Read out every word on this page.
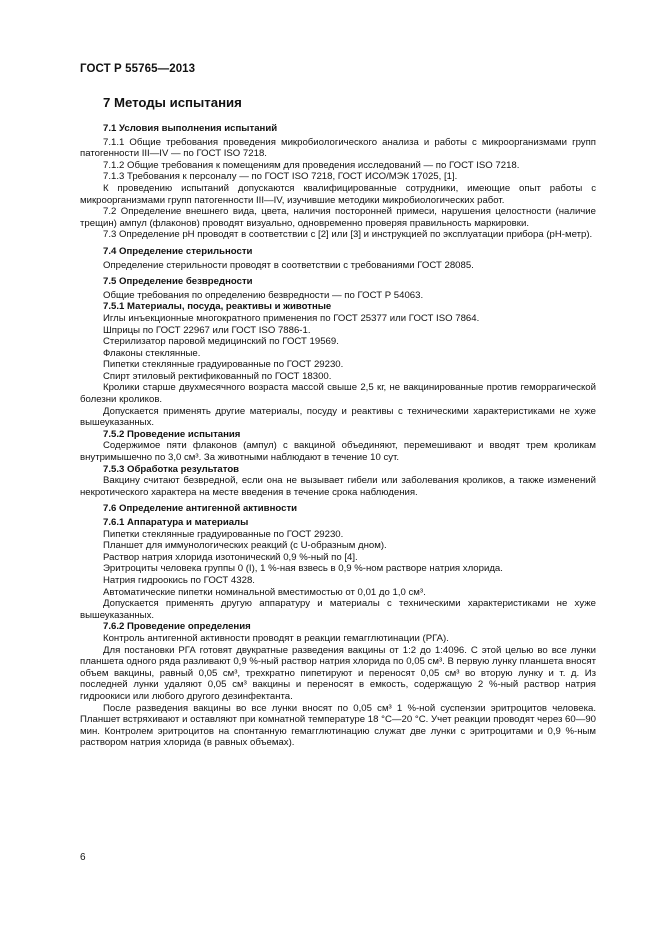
ГОСТ Р 55765—2013
7 Методы испытания
7.1 Условия выполнения испытаний

7.1.1 Общие требования проведения микробиологического анализа и работы с микроорганизмами групп патогенности III—IV — по ГОСТ ISO 7218.

7.1.2 Общие требования к помещениям для проведения исследований — по ГОСТ ISO 7218.

7.1.3 Требования к персоналу — по ГОСТ ISO 7218, ГОСТ ИСО/МЭК 17025, [1].

К проведению испытаний допускаются квалифицированные сотрудники, имеющие опыт работы с микроорганизмами групп патогенности III—IV, изучившие методики микробиологических работ.

7.2 Определение внешнего вида, цвета, наличия посторонней примеси, нарушения целостности (наличие трещин) ампул (флаконов) проводят визуально, одновременно проверяя правильность маркировки.

7.3 Определение pH проводят в соответствии с [2] или [3] и инструкцией по эксплуатации прибора (pH-метр).

7.4 Определение стерильности

Определение стерильности проводят в соответствии с требованиями ГОСТ 28085.

7.5 Определение безвредности

Общие требования по определению безвредности — по ГОСТ Р 54063.

7.5.1 Материалы, посуда, реактивы и животные

Иглы инъекционные многократного применения по ГОСТ 25377 или ГОСТ ISO 7864.

Шприцы по ГОСТ 22967 или ГОСТ ISO 7886-1.

Стерилизатор паровой медицинский по ГОСТ 19569.

Флаконы стеклянные.

Пипетки стеклянные градуированные по ГОСТ 29230.

Спирт этиловый ректификованный по ГОСТ 18300.

Кролики старше двухмесячного возраста массой свыше 2,5 кг, не вакцинированные против геморрагической болезни кроликов.

Допускается применять другие материалы, посуду и реактивы с техническими характеристиками не хуже вышеуказанных.

7.5.2 Проведение испытания

Содержимое пяти флаконов (ампул) с вакциной объединяют, перемешивают и вводят трем кроликам внутримышечно по 3,0 см³. За животными наблюдают в течение 10 сут.

7.5.3 Обработка результатов

Вакцину считают безвредной, если она не вызывает гибели или заболевания кроликов, а также изменений некротического характера на месте введения в течение срока наблюдения.

7.6 Определение антигенной активности
7.6.1 Аппаратура и материалы

Пипетки стеклянные градуированные по ГОСТ 29230.

Планшет для иммунологических реакций (с U-образным дном).

Раствор натрия хлорида изотонический 0,9 %-ный по [4].

Эритроциты человека группы 0 (I), 1 %-ная взвесь в 0,9 %-ном растворе натрия хлорида.

Натрия гидроокись по ГОСТ 4328.

Автоматические пипетки номинальной вместимостью от 0,01 до 1,0 см³.

Допускается применять другую аппаратуру и материалы с техническими характеристиками не хуже вышеуказанных.

7.6.2 Проведение определения

Контроль антигенной активности проводят в реакции гемагглютинации (РГА).

Для постановки РГА готовят двукратные разведения вакцины от 1:2 до 1:4096. С этой целью во все лунки планшета одного ряда разливают 0,9 %-ный раствор натрия хлорида по 0,05 см³. В первую лунку планшета вносят объем вакцины, равный 0,05 см³, трехкратно пипетируют и переносят 0,05 см³ во вторую лунку и т. д. Из последней лунки удаляют 0,05 см³ вакцины и переносят в емкость, содержащую 2 %-ный раствор натрия гидроокиси или любого другого дезинфектанта.

После разведения вакцины во все лунки вносят по 0,05 см³ 1 %-ной суспензии эритроцитов человека. Планшет встряхивают и оставляют при комнатной температуре 18 °С—20 °С. Учет реакции проводят через 60—90 мин. Контролем эритроцитов на спонтанную гемагглютинацию служат две лунки с эритроцитами и 0,9 %-ным раствором натрия хлорида (в равных объемах).

6
